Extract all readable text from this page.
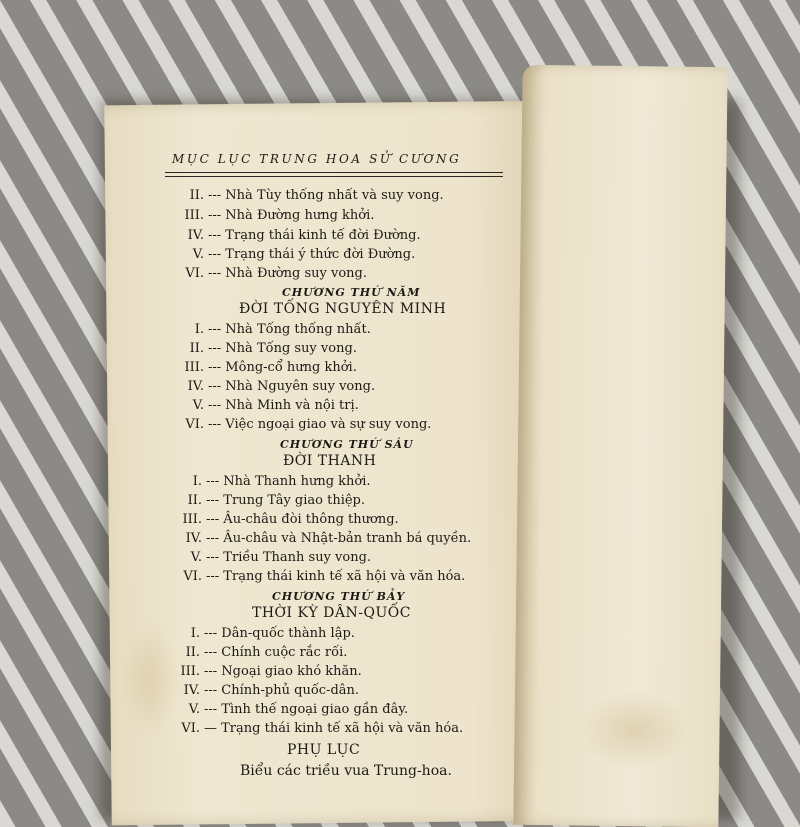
MỤC LỤC TRUNG HOA SỬ CƯƠNG
II. --- Nhà Tùy thống nhất và suy vong.
III. --- Nhà Đường hưng khởi.
IV. --- Trạng thái kinh tế đời Đường.
V. --- Trạng thái ý thức đời Đường.
VI. --- Nhà Đường suy vong.
CHƯƠNG THỨ NĂM
ĐỜI TỐNG NGUYÊN MINH
I. --- Nhà Tống thống nhất.
II. --- Nhà Tống suy vong.
III. --- Mông-cổ hưng khởi.
IV. --- Nhà Nguyên suy vong.
V. --- Nhà Minh và nội trị.
VI. --- Việc ngoại giao và sự suy vong.
CHƯƠNG THỨ SÁU
ĐỜI THANH
I. --- Nhà Thanh hưng khởi.
II. --- Trung Tây giao thiệp.
III. --- Âu-châu đòi thông thương.
IV. --- Âu-châu và Nhật-bản tranh bá quyền.
V. --- Triều Thanh suy vong.
VI. --- Trạng thái kinh tế xã hội và văn hóa.
CHƯƠNG THỨ BẢY
THỜI KỲ DÂN-QUỐC
I. --- Dân-quốc thành lập.
II. --- Chính cuộc rắc rối.
III. --- Ngoại giao khó khăn.
IV. --- Chính-phủ quốc-dân.
V. --- Tình thế ngoại giao gần đây.
VI. — Trạng thái kinh tế xã hội và văn hóa.
PHỤ LỤC
Biểu các triều vua Trung-hoa.
